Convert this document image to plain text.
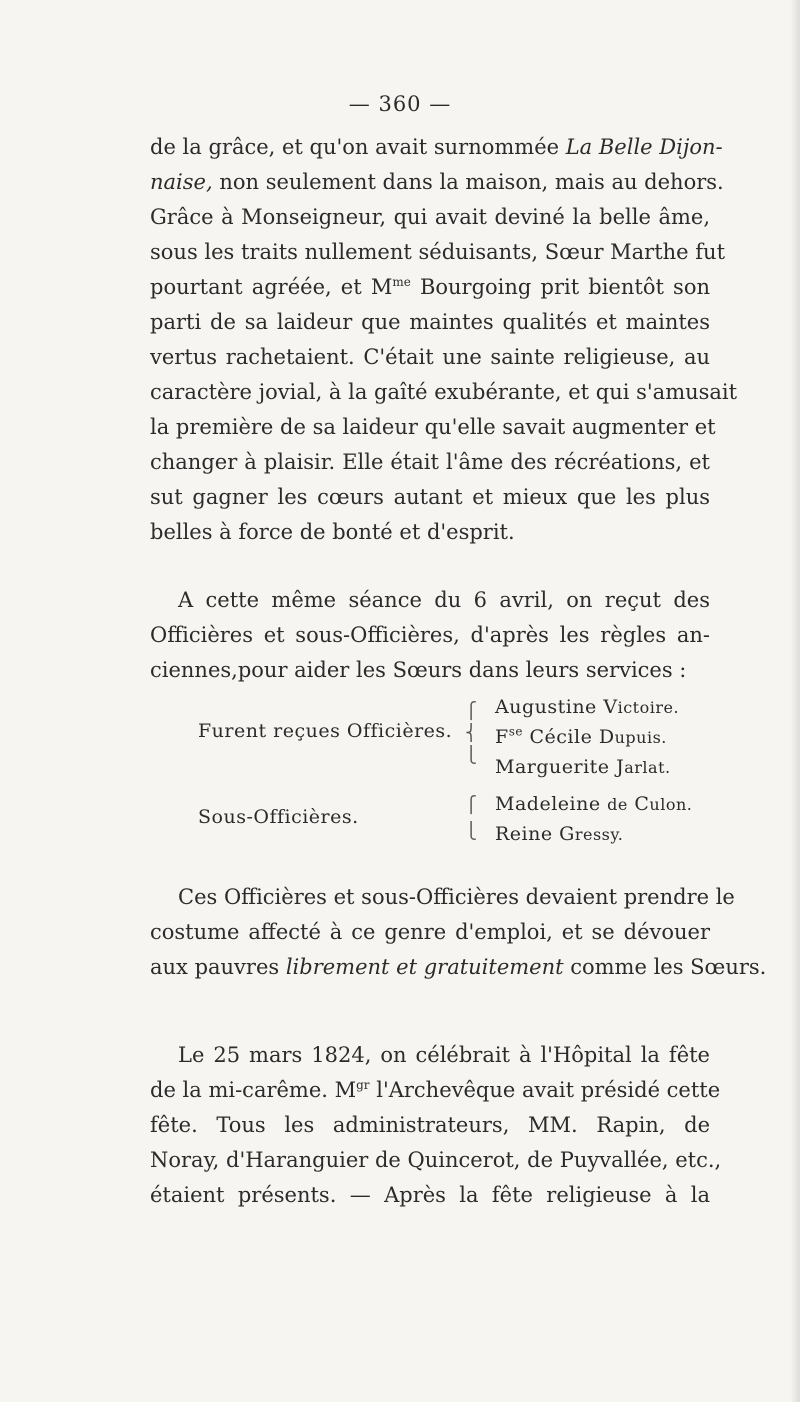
— 360 —
de la grâce, et qu'on avait surnommée La Belle Dijon-
naise, non seulement dans la maison, mais au dehors.
Grâce à Monseigneur, qui avait deviné la belle âme,
sous les traits nullement séduisants, Sœur Marthe fut
pourtant agréée, et $M^{me}$ Bourgoing prit bientôt son
parti de sa laideur que maintes qualités et maintes
vertus rachetaient. C'était une sainte religieuse, au
caractère jovial, à la gaîté exubérante, et qui s'amusait
la première de sa laideur qu'elle savait augmenter et
changer à plaisir. Elle était l'âme des récréations, et
sut gagner les cœurs autant et mieux que les plus
belles à force de bonté et d'esprit.
A cette même séance du 6 avril, on reçut des
Officières et sous-Officières, d'après les règles an-
ciennes,pour aider les Sœurs dans leurs services :
Furent reçues Officières.
⎧
⎨
⎩
Augustine Victoire.
$F^{se}$ Cécile Dupuis.
Marguerite Jarlat.
Sous-Officières.
⎧
⎩
Madeleine de Culon.
Reine Gressy.
Ces Officières et sous-Officières devaient prendre le
costume affecté à ce genre d'emploi, et se dévouer
aux pauvres librement et gratuitement comme les Sœurs.
Le 25 mars 1824, on célébrait à l'Hôpital la fête
de la mi-carême. $M^{gr}$ l'Archevêque avait présidé cette
fête. Tous les administrateurs, MM. Rapin, de
Noray, d'Haranguier de Quincerot, de Puyvallée, etc.,
étaient présents. — Après la fête religieuse à la
